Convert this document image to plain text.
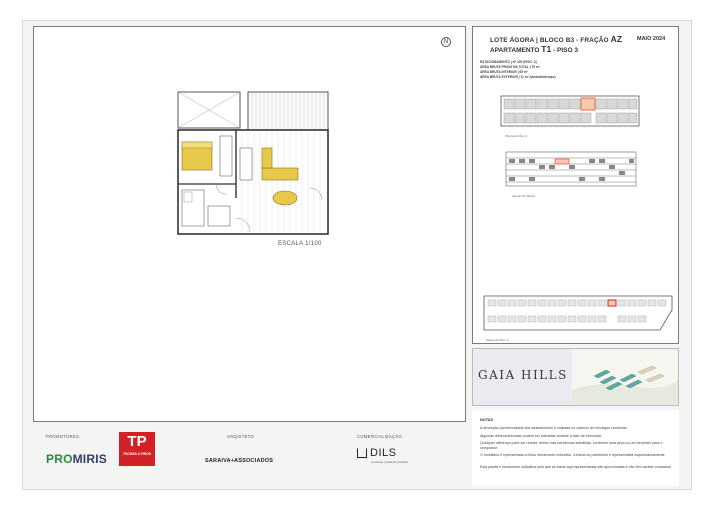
ESCALA 1/100
N	LOTE ÁGORA | BLOCO B3 - FRAÇÃO AZ
APARTAMENTO T1 - PISO 3
MAIO 2024
ESTACIONAMENTO | Nº 120 (PISO -2)
ÁREA BRUTA PRIVATIVA TOTAL | 75 m²
ÁREA BRUTA INTERIOR | 65 m²
ÁREA BRUTA EXTERIOR | 11 m² (varanda/terraço)
Planta do Piso 3
Alçado do Tardoz
Planta do Piso -2
GAIA HILLS
NOTAS
A descrição pormenorizada dos acabamentos é indicada no caderno de encargos comercial.
Algumas dimensões/cotas podem ser alteradas durante a fase de execução.
Qualquer diferença pode ser revista, dentro das tolerâncias admitidas, conforme uma peça ou um benefício para o comprador.
O mobiliário é representado a título meramente indicativo. A trama do pavimento é representada esquematicamente.
Esta planta é meramente indicativa pelo que as áreas aqui apresentadas são aproximadas e não têm caráter contratual.
PROMOTORES
PROMIRIS
TP
THOMAS & PIRON
ARQUITETO
SARAIVA+ASSOCIADOS
COMERCIALIZAÇÃO
DILS
Consultoria e Mediação Imobiliária
